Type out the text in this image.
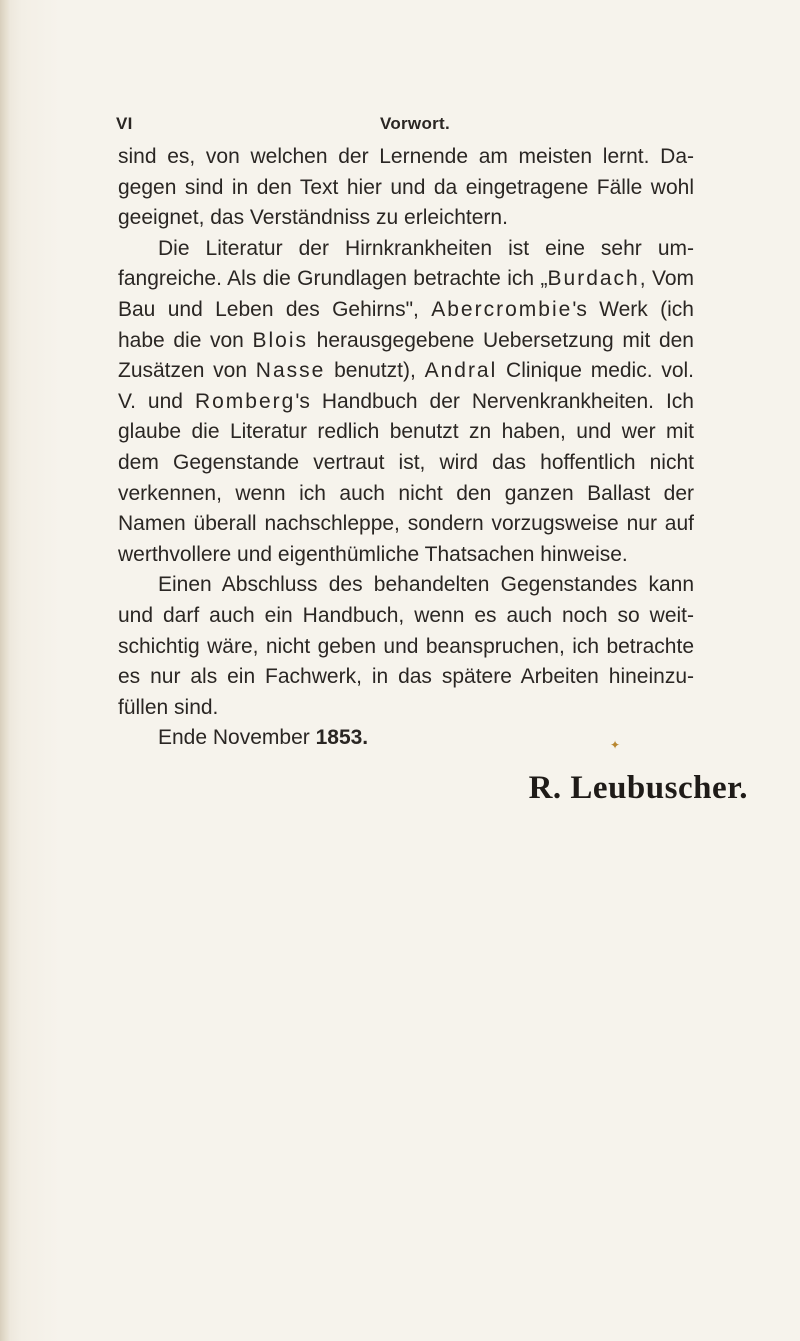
VI	Vorwort.

sind es, von welchen der Lernende am meisten lernt. Da- gegen sind in den Text hier und da eingetragene Fälle wohl geeignet, das Verständniss zu erleichtern.

Die Literatur der Hirnkrankheiten ist eine sehr um- fangreiche. Als die Grundlagen betrachte ich „Burdach, Vom Bau und Leben des Gehirns", Abercrombie's Werk (ich habe die von Blois herausgegebene Uebersetzung mit den Zusätzen von Nasse benutzt), Andral Clinique medic. vol. V. und Romberg's Handbuch der Nervenkrankheiten. Ich glaube die Literatur redlich benutzt zn haben, und wer mit dem Gegenstande vertraut ist, wird das hoffentlich nicht verkennen, wenn ich auch nicht den ganzen Ballast der Namen überall nachschleppe, sondern vorzugsweise nur auf werthvollere und eigenthümliche Thatsachen hinweise.

Einen Abschluss des behandelten Gegenstandes kann und darf auch ein Handbuch, wenn es auch noch so weit- schichtig wäre, nicht geben und beanspruchen, ich betrachte es nur als ein Fachwerk, in das spätere Arbeiten hineinzu- füllen sind.

Ende November 1853.

R. Leubuscher.
✦
